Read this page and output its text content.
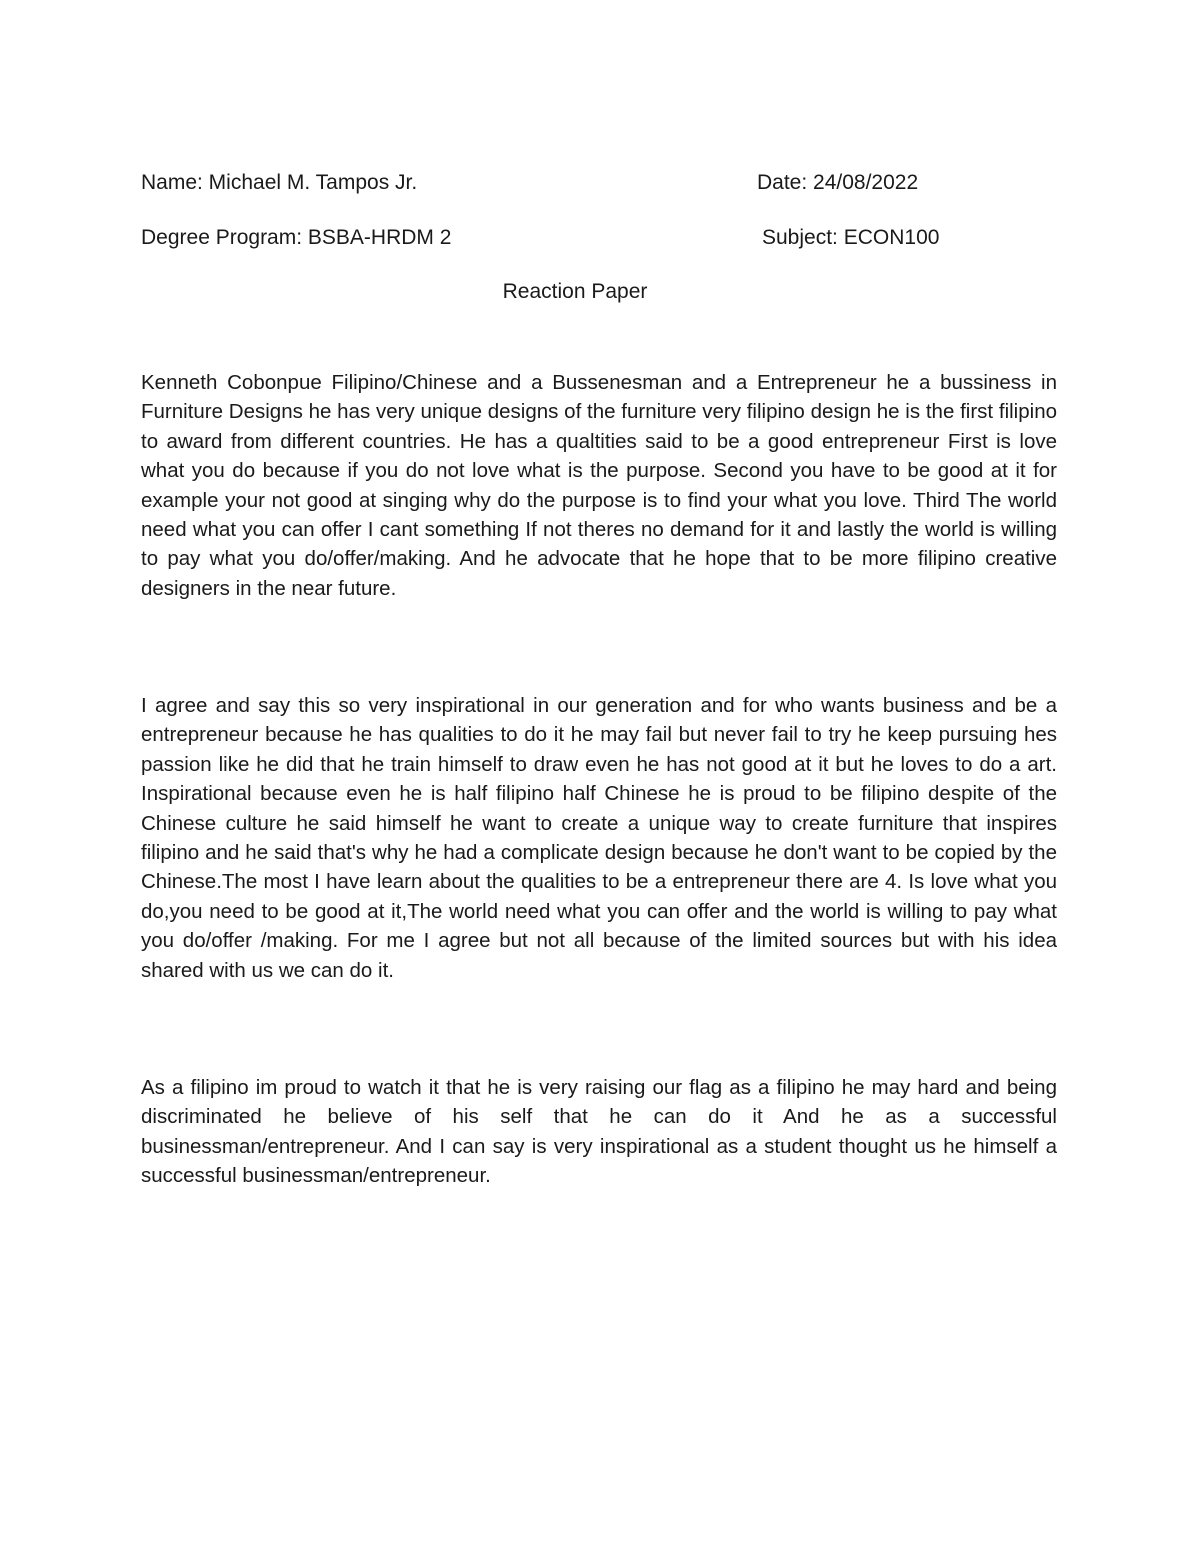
Name: Michael M. Tampos Jr.	Date: 24/08/2022
Degree Program: BSBA-HRDM 2	Subject: ECON100
Reaction Paper

Kenneth Cobonpue Filipino/Chinese and a Bussenesman and a Entrepreneur he a bussiness in Furniture Designs he has very unique designs of the furniture very filipino design he is the first filipino to award from different countries. He has a qualtities said to be a good entrepreneur First is love what you do because if you do not love what is the purpose. Second you have to be good at it for example your not good at singing why do the purpose is to find your what you love. Third The world need what you can offer I cant something If not theres no demand for it and lastly the world is willing to pay what you do/offer/making. And he advocate that he hope that to be more filipino creative designers in the near future.

I agree and say this so very inspirational in our generation and for who wants business and be a entrepreneur because he has qualities to do it he may fail but never fail to try he keep pursuing hes passion like he did that he train himself to draw even he has not good at it but he loves to do a art. Inspirational because even he is half filipino half Chinese he is proud to be filipino despite of the Chinese culture he said himself he want to create a unique way to create furniture that inspires filipino and he said that's why he had a complicate design because he don't want to be copied by the Chinese.The most I have learn about the qualities to be a entrepreneur there are 4. Is love what you do,you need to be good at it,The world need what you can offer and the world is willing to pay what you do/offer /making. For me I agree but not all because of the limited sources but with his idea shared with us we can do it.

As a filipino im proud to watch it that he is very raising our flag as a filipino he may hard and being discriminated he believe of his self that he can do it And he as a successful businessman/entrepreneur. And I can say is very inspirational as a student thought us he himself a successful businessman/entrepreneur.
